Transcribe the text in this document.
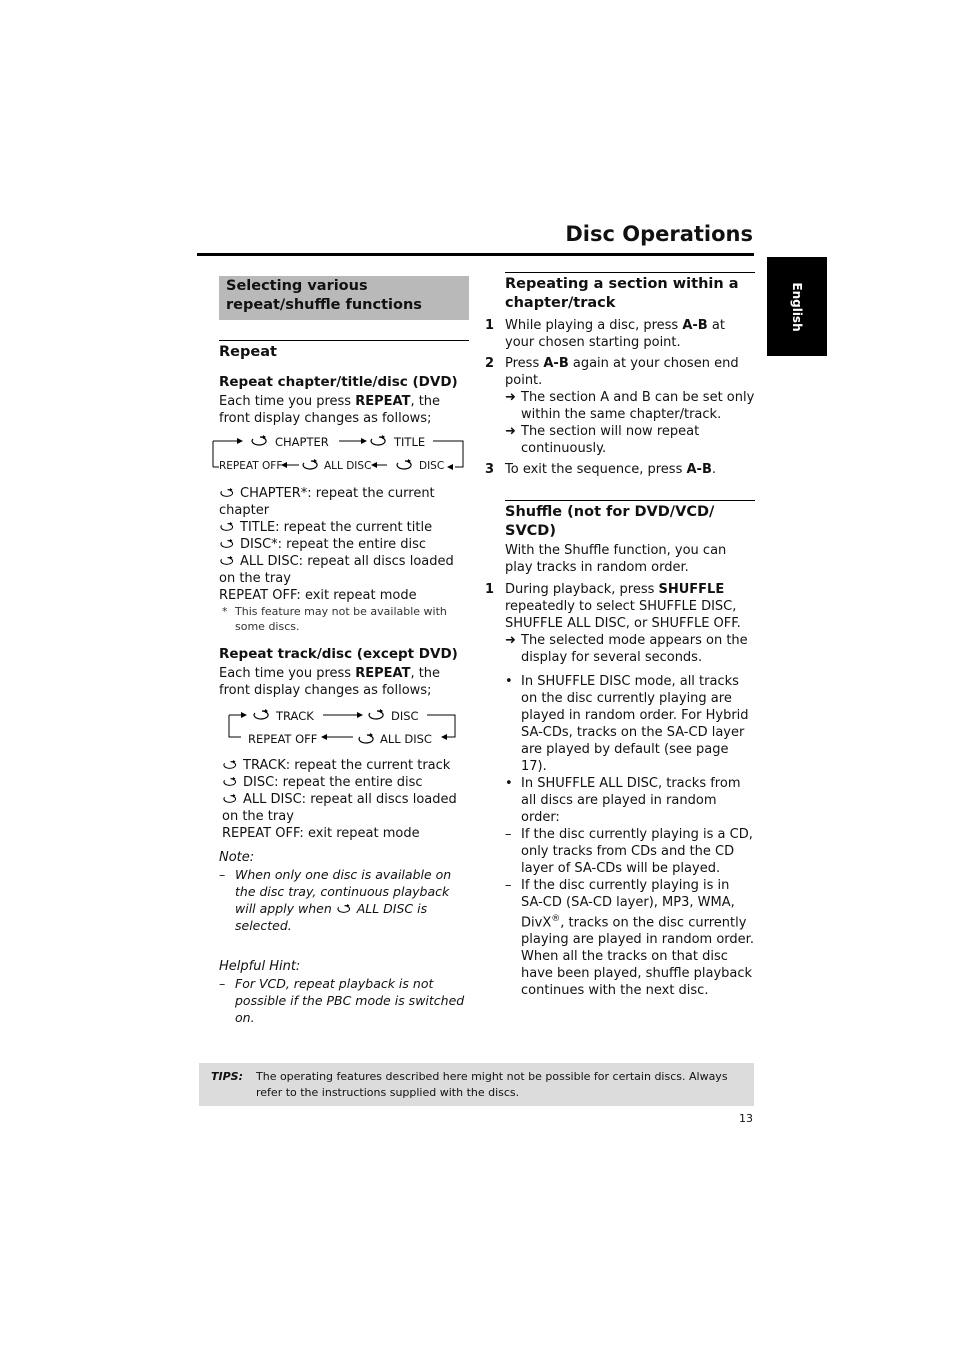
Disc Operations
English
Selecting various repeat/shuffle functions
Repeat
Repeat chapter/title/disc (DVD)

Each time you press REPEAT, the front display changes as follows;

CHAPTER	TITLE
REPEAT OFF	ALL DISC	DISC

CHAPTER*: repeat the current chapter

TITLE: repeat the current title

DISC*: repeat the entire disc

ALL DISC: repeat all discs loaded on the tray

REPEAT OFF: exit repeat mode

* This feature may not be available with some discs.

Repeat track/disc (except DVD)

Each time you press REPEAT, the front display changes as follows;

TRACK	DISC
REPEAT OFF	ALL DISC

TRACK: repeat the current track

DISC: repeat the entire disc

ALL DISC: repeat all discs loaded on the tray

REPEAT OFF: exit repeat mode

Note:

– When only one disc is available on the disc tray, continuous playback will apply when ALL DISC is selected.

Helpful Hint:

– For VCD, repeat playback is not possible if the PBC mode is switched on.

Repeating a section within a chapter/track
1 While playing a disc, press A-B at your chosen starting point.
2 Press A-B again at your chosen end point.
➜ The section A and B can be set only within the same chapter/track.
➜ The section will now repeat continuously.
3 To exit the sequence, press A-B.
Shuffle (not for DVD/VCD/ SVCD)

With the Shuffle function, you can play tracks in random order.

1 During playback, press SHUFFLE repeatedly to select SHUFFLE DISC, SHUFFLE ALL DISC, or SHUFFLE OFF.
➜ The selected mode appears on the display for several seconds.
• In SHUFFLE DISC mode, all tracks on the disc currently playing are played in random order. For Hybrid SA-CDs, tracks on the SA-CD layer are played by default (see page 17).
• In SHUFFLE ALL DISC, tracks from all discs are played in random order:
– If the disc currently playing is a CD, only tracks from CDs and the CD layer of SA-CDs will be played.
– If the disc currently playing is in SA-CD (SA-CD layer), MP3, WMA, DivX®, tracks on the disc currently playing are played in random order. When all the tracks on that disc have been played, shuffle playback continues with the next disc.
TIPS: The operating features described here might not be possible for certain discs. Always refer to the instructions supplied with the discs.
13
